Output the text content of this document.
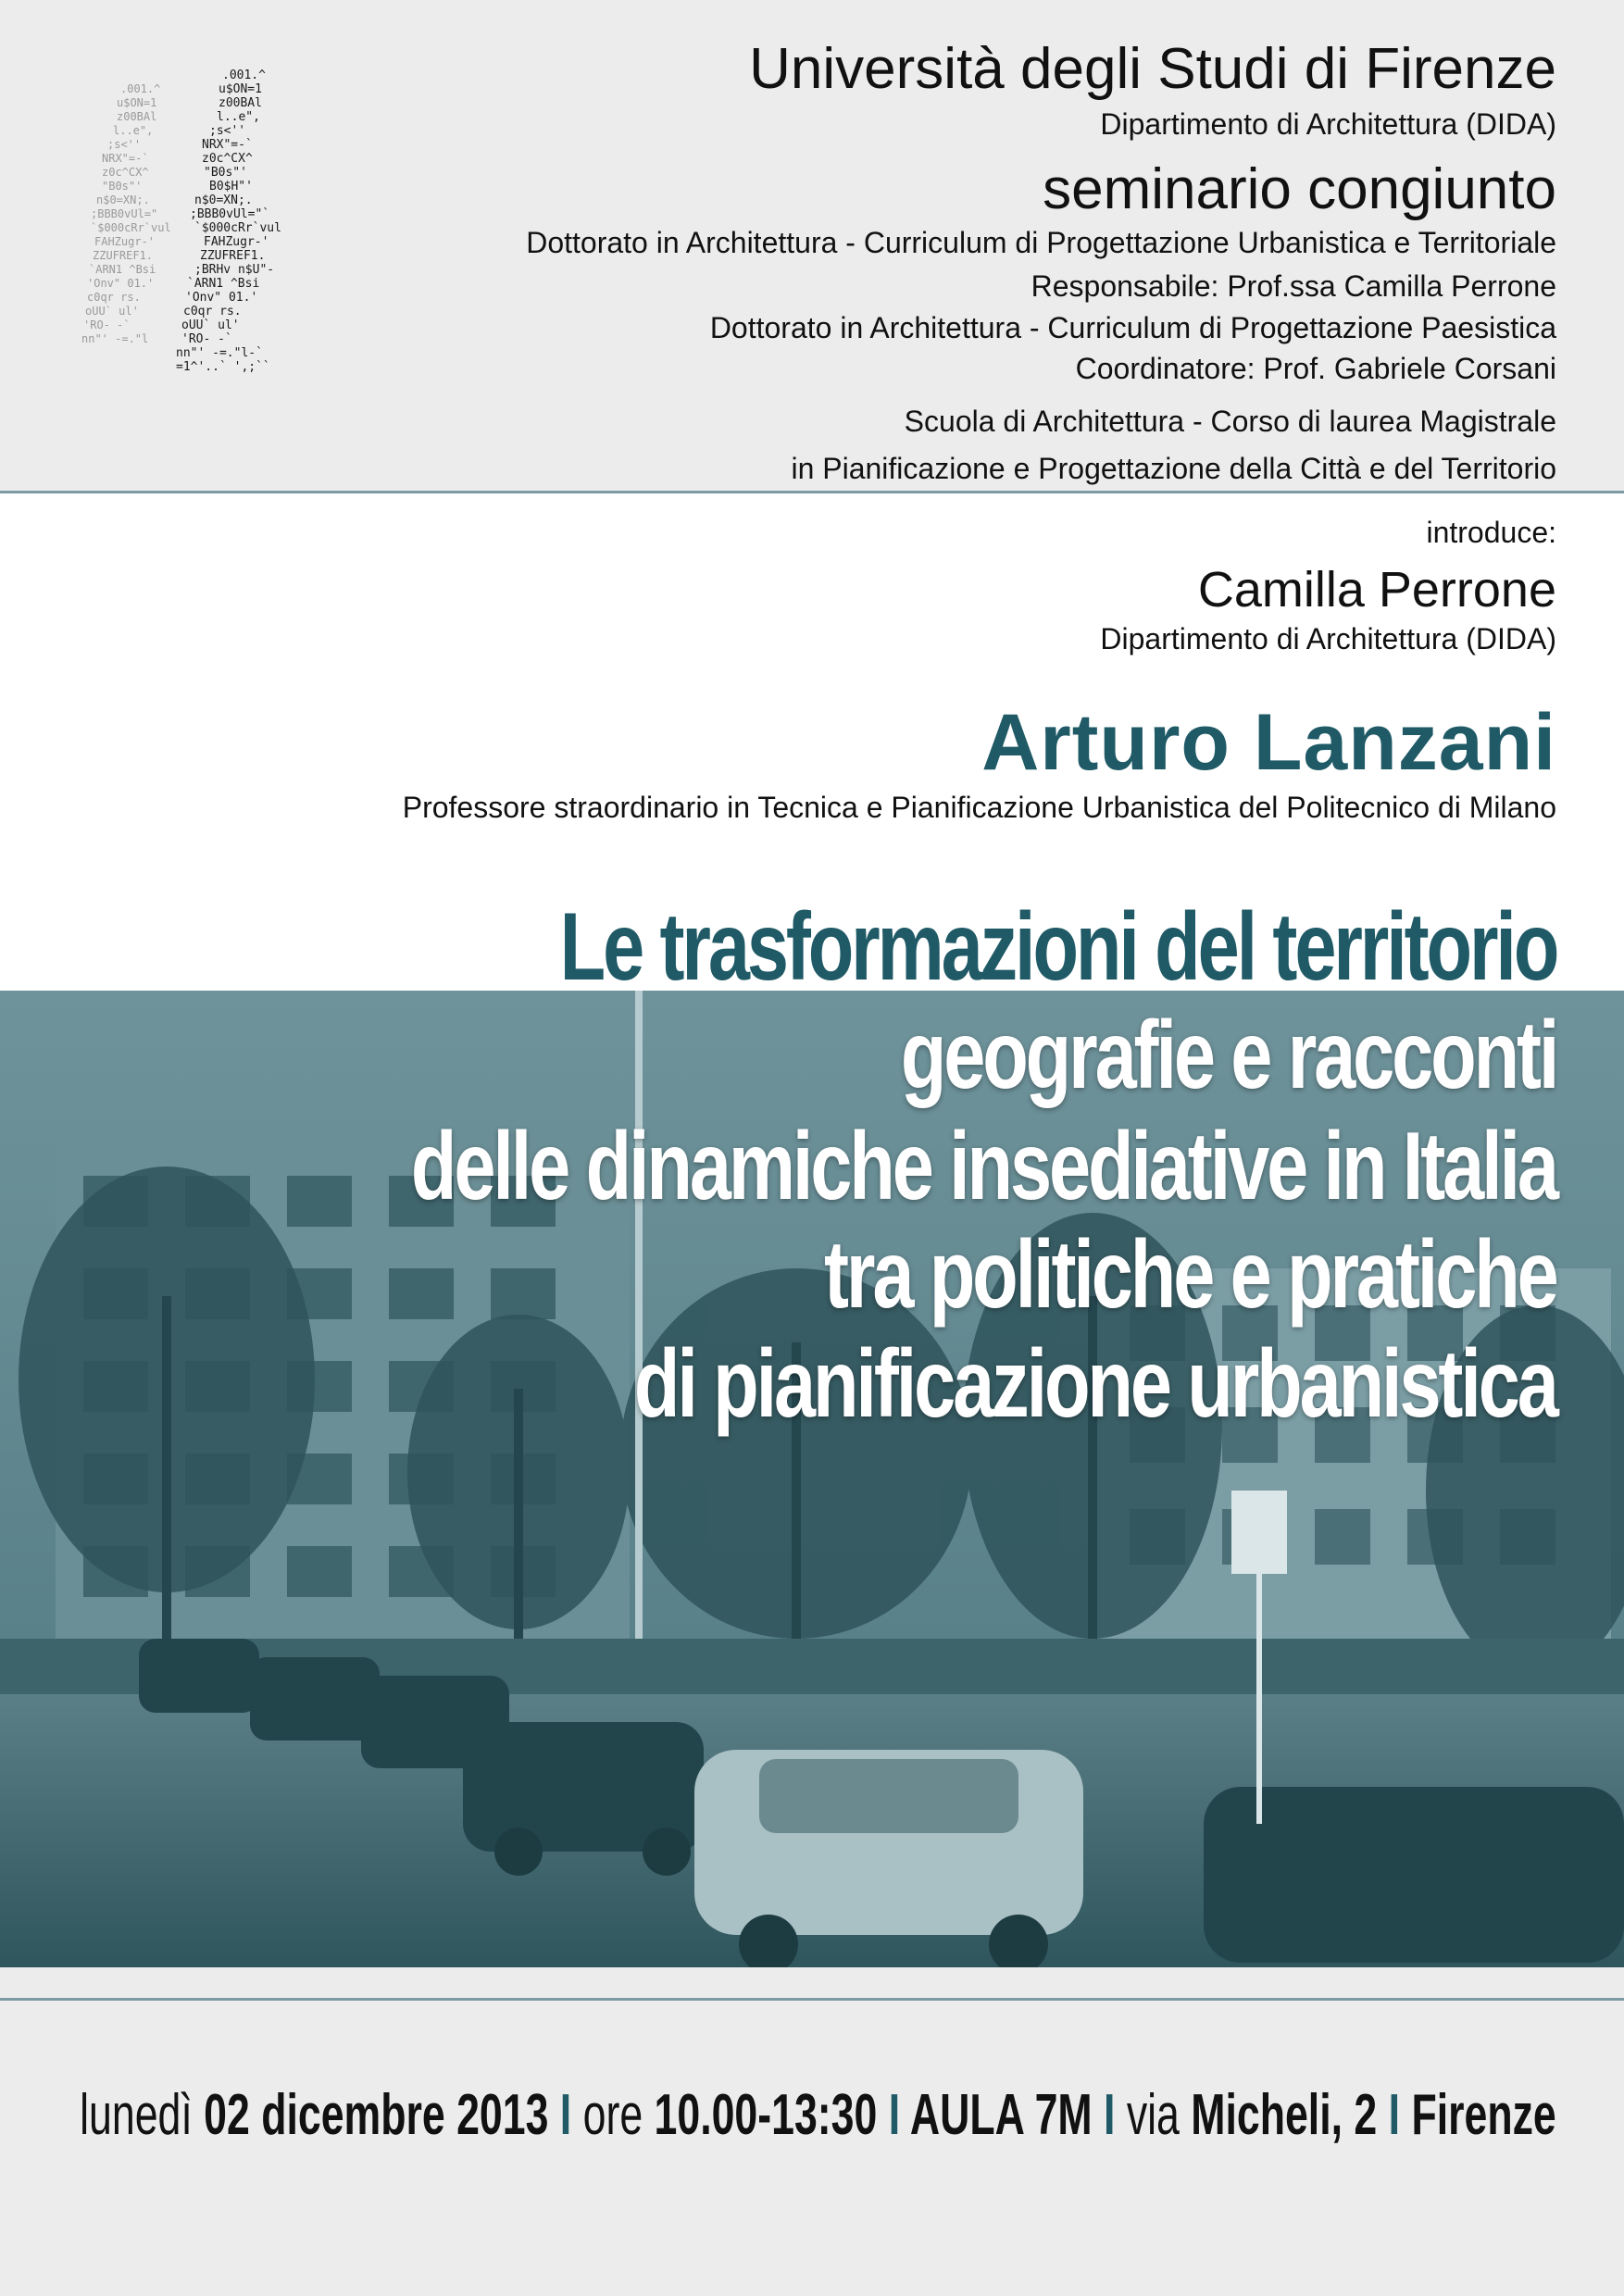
.001.^
u$ON=1
z00BAl
l..e",
;s<''
NRX"=-`
z0c^CX^
"B0s"'
B0$H"'
n$0=XN;.
;BBB0vUl="`
`$000cRr`vul
FAHZugr-'
ZZUFREF1.
;BRHv n$U"-
`ARN1 ^Bsi
'Onv" 01.'
c0qr rs.
oUU` ul'
'RO- -`
nn"' -=."l-`
=1^'..` ',;``
.001.^
u$ON=1
z00BAl
l..e",
;s<''
NRX"=-`
z0c^CX^
"B0s"'
n$0=XN;.
;BBB0vUl="
`$000cRr`vul
FAHZugr-'
ZZUFREF1.
`ARN1 ^Bsi
'Onv" 01.'
c0qr rs.
oUU` ul'
'RO- -`
nn"' -=."l
Università degli Studi di Firenze
Dipartimento di Architettura (DIDA)
seminario congiunto
Dottorato in Architettura - Curriculum di Progettazione Urbanistica e Territoriale
Responsabile: Prof.ssa Camilla Perrone
Dottorato in Architettura - Curriculum di Progettazione Paesistica
Coordinatore: Prof. Gabriele Corsani
Scuola di Architettura - Corso di laurea Magistrale
in Pianificazione e Progettazione della Città e del Territorio
introduce:
Camilla Perrone
Dipartimento di Architettura (DIDA)
Arturo Lanzani
Professore straordinario in Tecnica e Pianificazione Urbanistica del Politecnico di Milano
Le trasformazioni del territorio
geografie e racconti
delle dinamiche insediative in Italia
tra politiche e pratiche
di pianificazione urbanistica
lunedì 02 dicembre 2013 I ore 10.00-13:30 I AULA 7M I via Micheli, 2 I Firenze
